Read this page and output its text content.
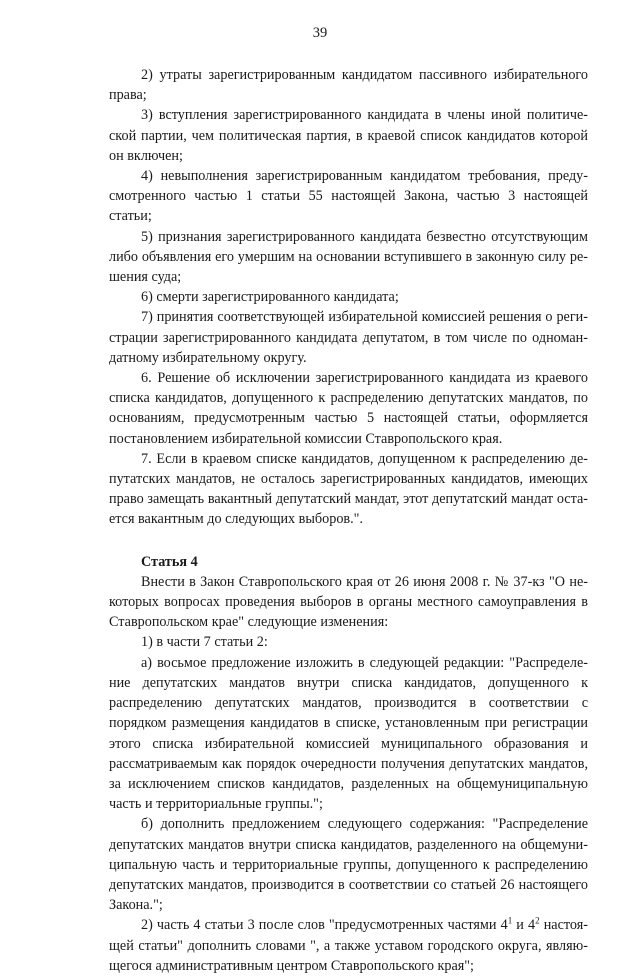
39

2) утраты зарегистрированным кандидатом пассивного избирательного права;

3) вступления зарегистрированного кандидата в члены иной политической партии, чем политическая партия, в краевой список кандидатов которой он включен;

4) невыполнения зарегистрированным кандидатом требования, предусмотренного частью 1 статьи 55 настоящей Закона, частью 3 настоящей статьи;

5) признания зарегистрированного кандидата безвестно отсутствующим либо объявления его умершим на основании вступившего в законную силу решения суда;

6) смерти зарегистрированного кандидата;

7) принятия соответствующей избирательной комиссией решения о регистрации зарегистрированного кандидата депутатом, в том числе по одномандатному избирательному округу.

6. Решение об исключении зарегистрированного кандидата из краевого списка кандидатов, допущенного к распределению депутатских мандатов, по основаниям, предусмотренным частью 5 настоящей статьи, оформляется постановлением избирательной комиссии Ставропольского края.

7. Если в краевом списке кандидатов, допущенном к распределению депутатских мандатов, не осталось зарегистрированных кандидатов, имеющих право замещать вакантный депутатский мандат, этот депутатский мандат остается вакантным до следующих выборов.".

Статья 4

Внести в Закон Ставропольского края от 26 июня 2008 г. № 37-кз "О некоторых вопросах проведения выборов в органы местного самоуправления в Ставропольском крае" следующие изменения:

1) в части 7 статьи 2:

а) восьмое предложение изложить в следующей редакции: "Распределение депутатских мандатов внутри списка кандидатов, допущенного к распределению депутатских мандатов, производится в соответствии с порядком размещения кандидатов в списке, установленным при регистрации этого списка избирательной комиссией муниципального образования и рассматриваемым как порядок очередности получения депутатских мандатов, за исключением списков кандидатов, разделенных на общемуниципальную часть и территориальные группы.";

б) дополнить предложением следующего содержания: "Распределение депутатских мандатов внутри списка кандидатов, разделенного на общемуниципальную часть и территориальные группы, допущенного к распределению депутатских мандатов, производится в соответствии со статьей 26 настоящего Закона.";

2) часть 4 статьи 3 после слов "предусмотренных частями $4^1$ и $4^2$ настоящей статьи" дополнить словами ", а также уставом городского округа, являющегося административным центром Ставропольского края";
